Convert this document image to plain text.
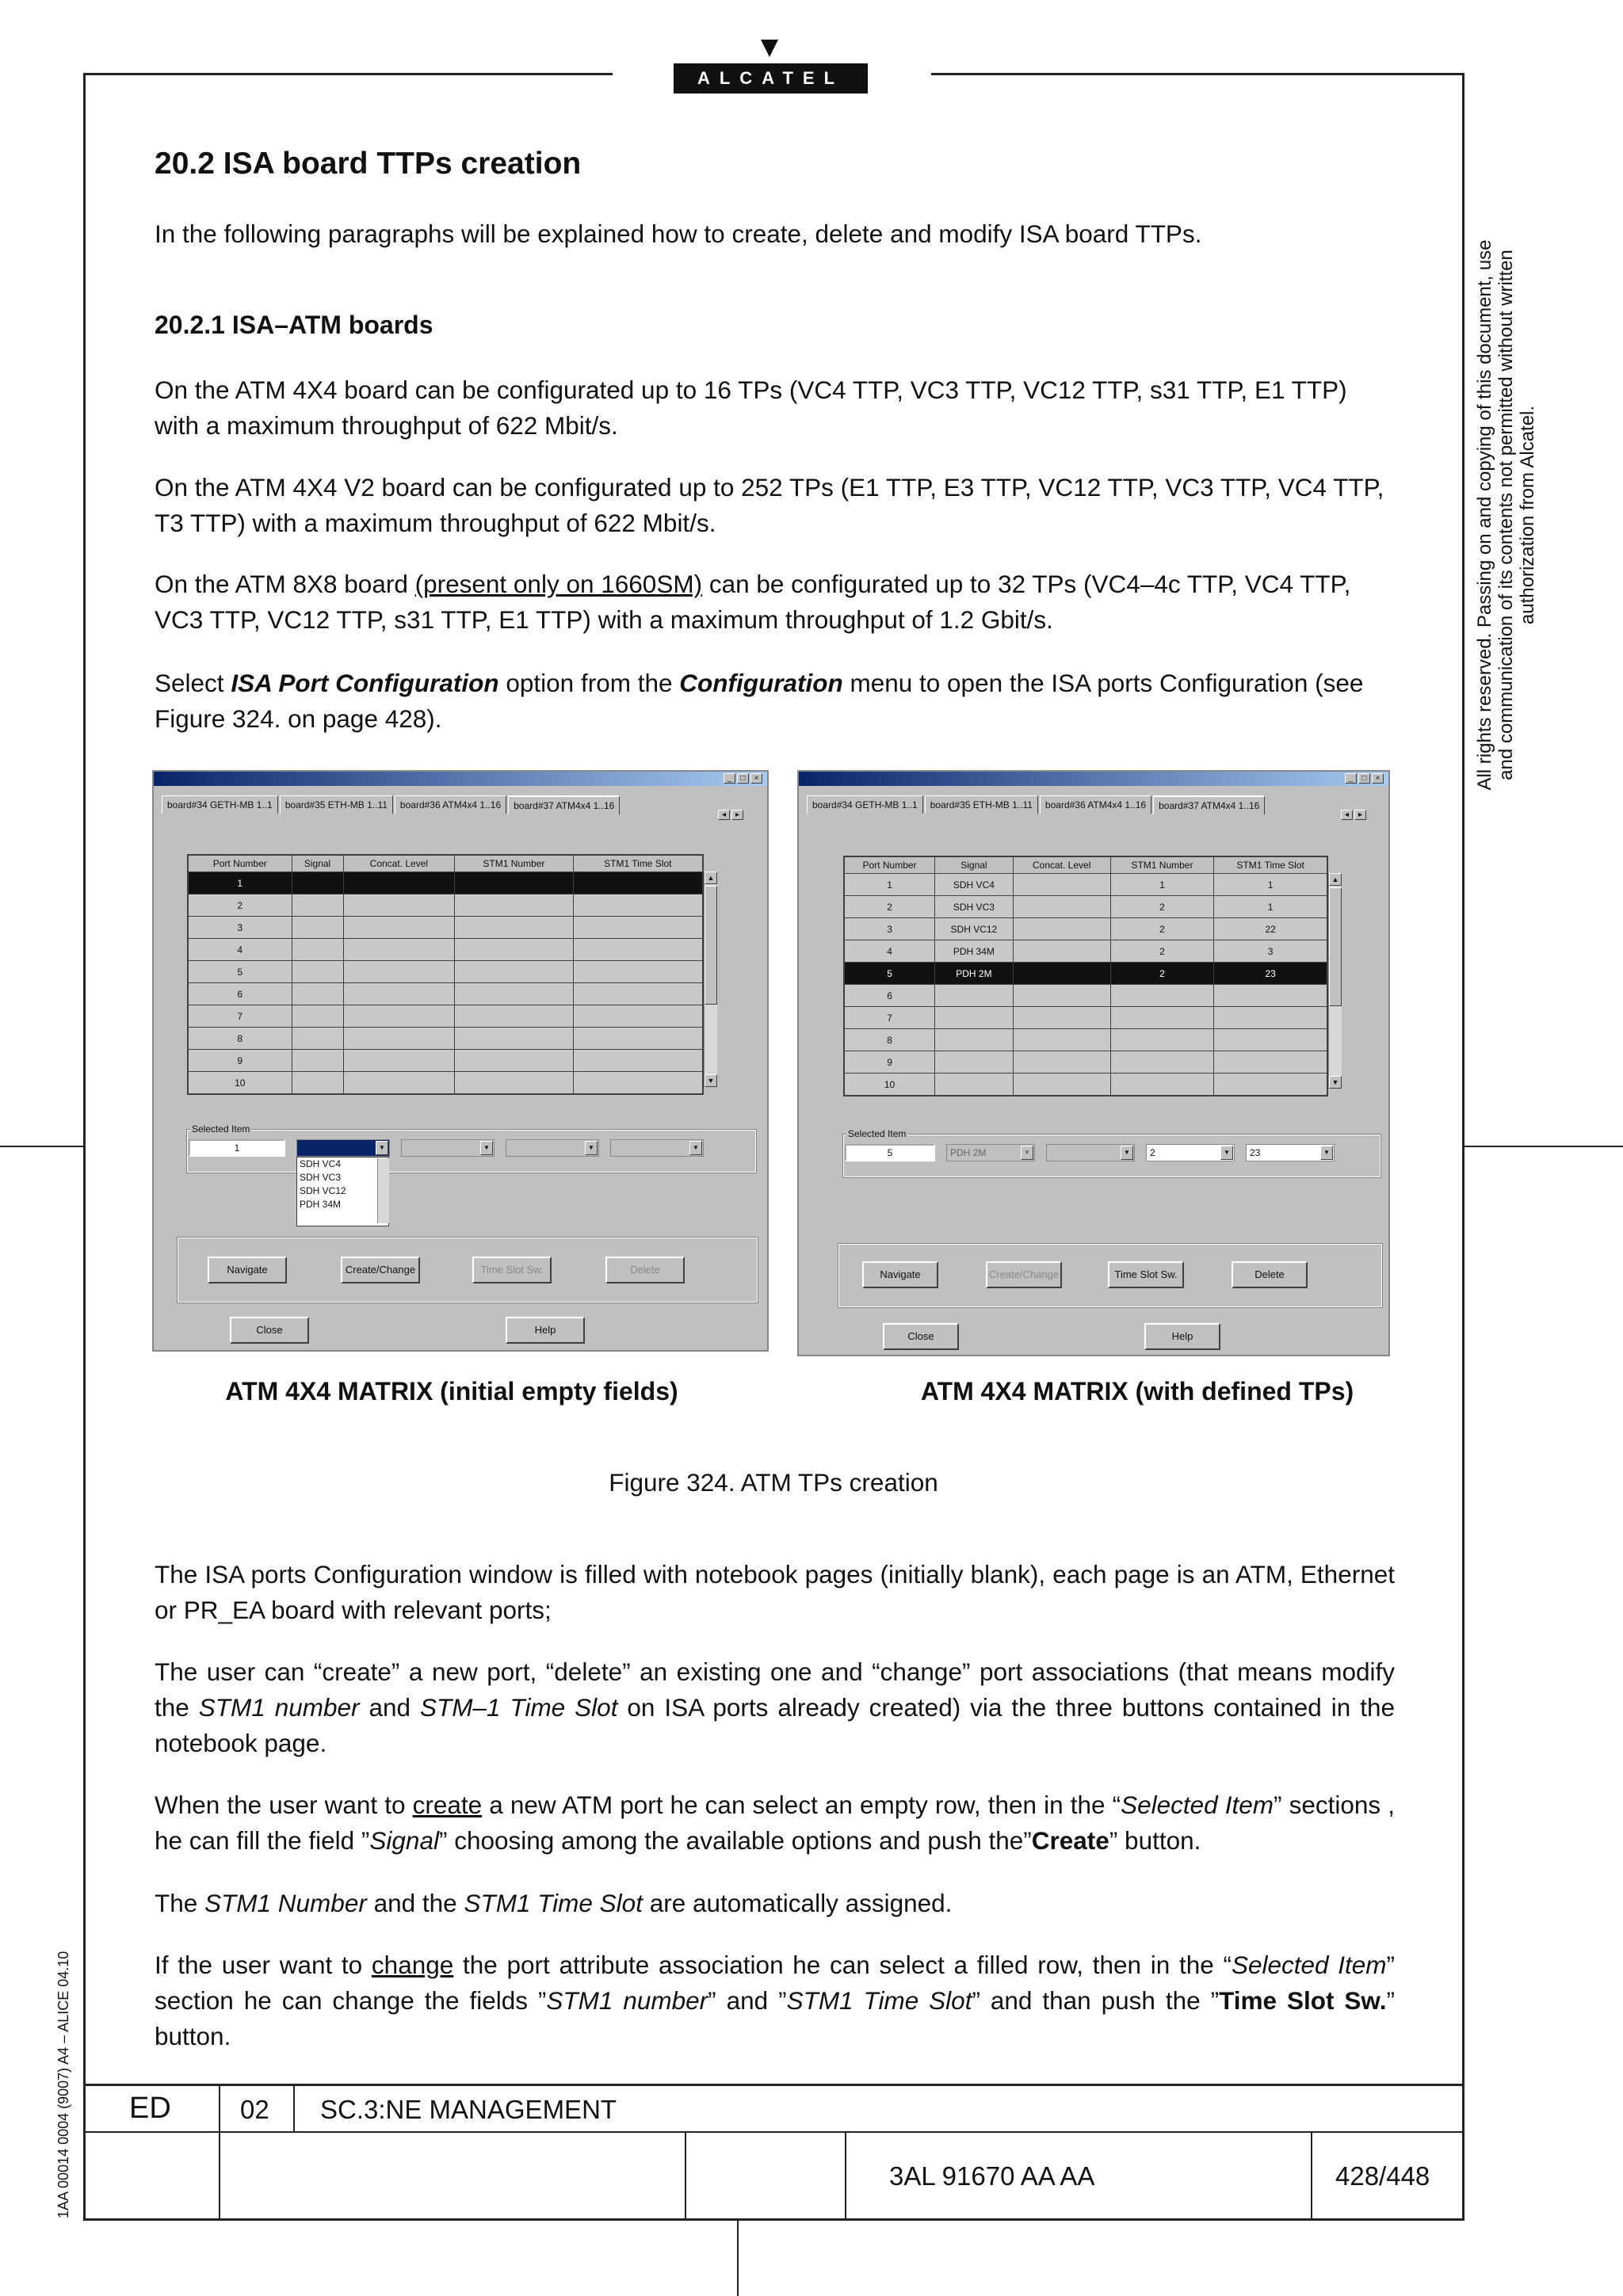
ALCATEL
All rights reserved. Passing on and copying of this document, use and communication of its contents not permitted without written authorization from Alcatel.
1AA 00014 0004 (9007) A4 – ALICE 04.10
20.2 ISA board TTPs creation

In the following paragraphs will be explained how to create, delete and modify ISA board TTPs.

20.2.1 ISA–ATM boards

On the ATM 4X4 board can be configurated up to 16 TPs (VC4 TTP, VC3 TTP, VC12 TTP, s31 TTP, E1 TTP) with a maximum throughput of 622 Mbit/s.

On the ATM 4X4 V2 board can be configurated up to 252 TPs (E1 TTP, E3 TTP, VC12 TTP, VC3 TTP, VC4 TTP, T3 TTP) with a maximum throughput of 622 Mbit/s.

On the ATM 8X8 board (present only on 1660SM) can be configurated up to 32 TPs (VC4–4c TTP, VC4 TTP, VC3 TTP, VC12 TTP, s31 TTP, E1 TTP) with a maximum throughput of 1.2 Gbit/s.

Select ISA Port Configuration option from the Configuration menu to open the ISA ports Configuration (see Figure 324. on page 428).

_	□	×
board#34 GETH-MB 1..1	board#35 ETH-MB 1..11	board#36 ATM4x4 1..16	board#37 ATM4x4 1..16
◂	▸
Port Number	Signal	Concat. Level	STM1 Number	STM1 Time Slot
1				
2				
3				
4				
5				
6				
7				
8				
9				
10				
▲
▼
Selected Item
1	▼	▼	▼	▼
SDH VC4
SDH VC3
SDH VC12
PDH 34M
Navigate	Create/Change	Time Slot Sw.	Delete
Close	Help
_	□	×
board#34 GETH-MB 1..1	board#35 ETH-MB 1..11	board#36 ATM4x4 1..16	board#37 ATM4x4 1..16
◂	▸
Port Number	Signal	Concat. Level	STM1 Number	STM1 Time Slot
1	SDH VC4		1	1
2	SDH VC3		2	1
3	SDH VC12		2	22
4	PDH 34M		2	3
5	PDH 2M		2	23
6				
7				
8				
9				
10				
▲
▼
Selected Item
5	PDH 2M	▼	▼	2	▼	23	▼
Navigate	Create/Change	Time Slot Sw.	Delete
Close	Help
ATM 4X4 MATRIX (initial empty fields)	ATM 4X4 MATRIX (with defined TPs)
Figure 324. ATM TPs creation

The ISA ports Configuration window is filled with notebook pages (initially blank), each page is an ATM, Ethernet or PR_EA board with relevant ports;

The user can “create” a new port, “delete” an existing one and “change” port associations (that means modify the STM1 number and STM–1 Time Slot on ISA ports already created) via the three buttons contained in the notebook page.

When the user want to create a new ATM port he can select an empty row, then in the “Selected Item” sections , he can fill the field ”Signal” choosing among the available options and push the”Create” button.

The STM1 Number and the STM1 Time Slot are automatically assigned.

If the user want to change the port attribute association he can select a filled row, then in the “Selected Item” section he can change the fields ”STM1 number” and ”STM1 Time Slot” and than push the ”Time Slot Sw.” button.

ED	02 SC.3:NE MANAGEMENT
3AL 91670 AA AA	428/448
